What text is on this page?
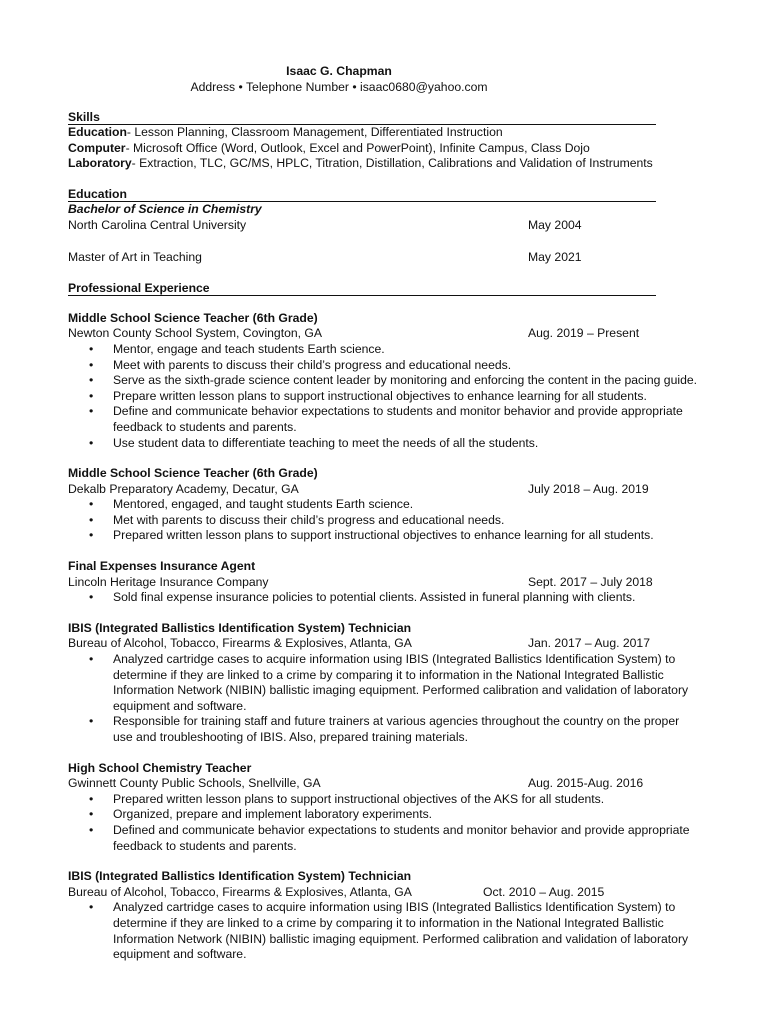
Isaac G. Chapman
Address • Telephone Number • isaac0680@yahoo.com
Skills
Education- Lesson Planning, Classroom Management, Differentiated Instruction
Computer- Microsoft Office (Word, Outlook, Excel and PowerPoint), Infinite Campus, Class Dojo
Laboratory- Extraction, TLC, GC/MS, HPLC, Titration, Distillation, Calibrations and Validation of Instruments
Education
Bachelor of Science in Chemistry
North Carolina Central University	May 2004
Master of Art in Teaching	May 2021
Professional Experience
Middle School Science Teacher (6th Grade)
Newton County School System, Covington, GA	Aug. 2019 – Present
• Mentor, engage and teach students Earth science.
• Meet with parents to discuss their child’s progress and educational needs.
• Serve as the sixth-grade science content leader by monitoring and enforcing the content in the pacing guide.
• Prepare written lesson plans to support instructional objectives to enhance learning for all students.
• Define and communicate behavior expectations to students and monitor behavior and provide appropriate feedback to students and parents.
• Use student data to differentiate teaching to meet the needs of all the students.
Middle School Science Teacher (6th Grade)
Dekalb Preparatory Academy, Decatur, GA	July 2018 – Aug. 2019
• Mentored, engaged, and taught students Earth science.
• Met with parents to discuss their child’s progress and educational needs.
• Prepared written lesson plans to support instructional objectives to enhance learning for all students.
Final Expenses Insurance Agent
Lincoln Heritage Insurance Company	Sept. 2017 – July 2018
• Sold final expense insurance policies to potential clients. Assisted in funeral planning with clients.
IBIS (Integrated Ballistics Identification System) Technician
Bureau of Alcohol, Tobacco, Firearms & Explosives, Atlanta, GA	Jan. 2017 – Aug. 2017
• Analyzed cartridge cases to acquire information using IBIS (Integrated Ballistics Identification System) to determine if they are linked to a crime by comparing it to information in the National Integrated Ballistic Information Network (NIBIN) ballistic imaging equipment. Performed calibration and validation of laboratory equipment and software.
• Responsible for training staff and future trainers at various agencies throughout the country on the proper use and troubleshooting of IBIS. Also, prepared training materials.
High School Chemistry Teacher
Gwinnett County Public Schools, Snellville, GA	Aug. 2015-Aug. 2016
• Prepared written lesson plans to support instructional objectives of the AKS for all students.
• Organized, prepare and implement laboratory experiments.
• Defined and communicate behavior expectations to students and monitor behavior and provide appropriate feedback to students and parents.
IBIS (Integrated Ballistics Identification System) Technician
Bureau of Alcohol, Tobacco, Firearms & Explosives, Atlanta, GA	Oct. 2010 – Aug. 2015
• Analyzed cartridge cases to acquire information using IBIS (Integrated Ballistics Identification System) to determine if they are linked to a crime by comparing it to information in the National Integrated Ballistic Information Network (NIBIN) ballistic imaging equipment. Performed calibration and validation of laboratory equipment and software.
